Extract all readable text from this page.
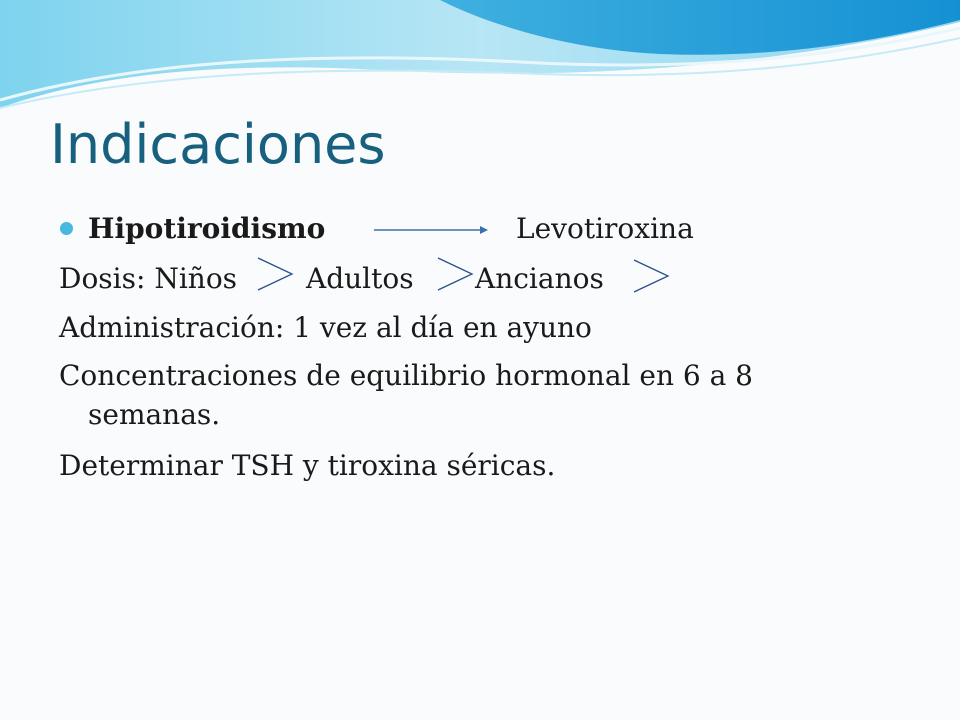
Indicaciones
Hipotiroidismo	Levotiroxina
Dosis: Niños Adultos Ancianos
Administración: 1 vez al día en ayuno
Concentraciones de equilibrio hormonal en 6 a 8
semanas.
Determinar TSH y tiroxina séricas.
